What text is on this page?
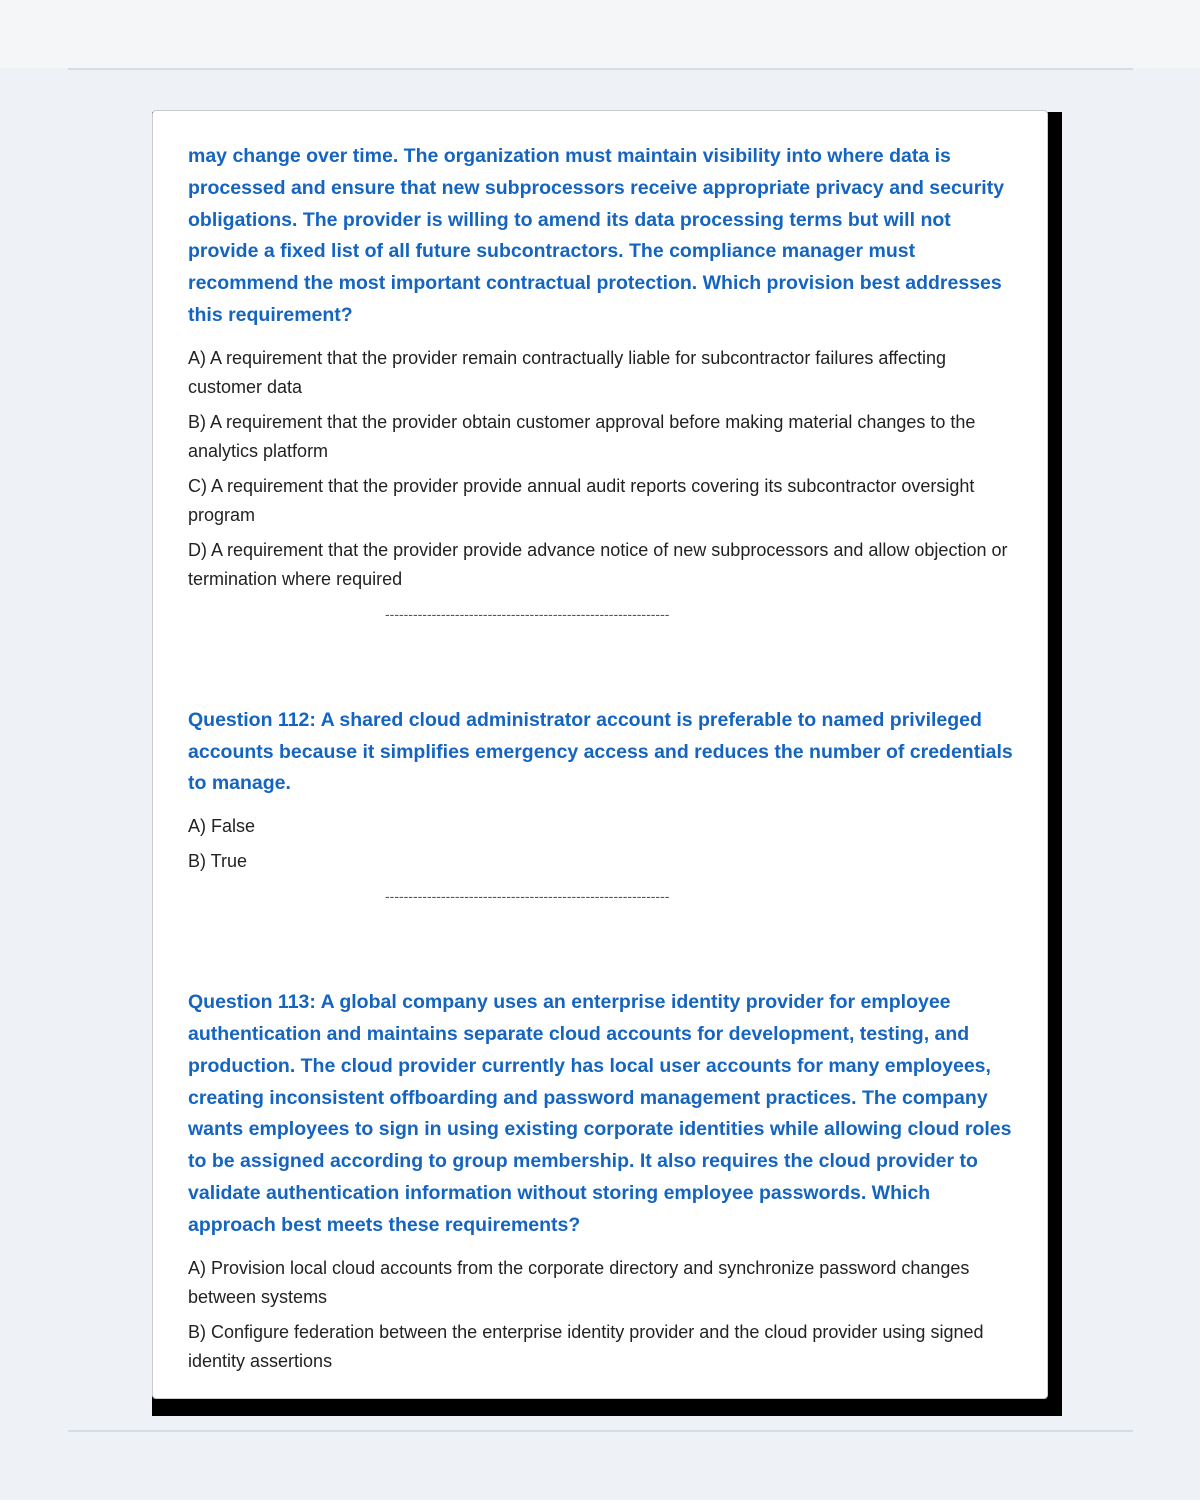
may change over time. The organization must maintain visibility into where data is processed and ensure that new subprocessors receive appropriate privacy and security obligations. The provider is willing to amend its data processing terms but will not provide a fixed list of all future subcontractors. The compliance manager must recommend the most important contractual protection. Which provision best addresses this requirement?

A) A requirement that the provider remain contractually liable for subcontractor failures affecting customer data

B) A requirement that the provider obtain customer approval before making material changes to the analytics platform

C) A requirement that the provider provide annual audit reports covering its subcontractor oversight program

D) A requirement that the provider provide advance notice of new subprocessors and allow objection or termination where required

-------------------------------------------------------------

Question 112: A shared cloud administrator account is preferable to named privileged accounts because it simplifies emergency access and reduces the number of credentials to manage.

A) False

B) True

-------------------------------------------------------------

Question 113: A global company uses an enterprise identity provider for employee authentication and maintains separate cloud accounts for development, testing, and production. The cloud provider currently has local user accounts for many employees, creating inconsistent offboarding and password management practices. The company wants employees to sign in using existing corporate identities while allowing cloud roles to be assigned according to group membership. It also requires the cloud provider to validate authentication information without storing employee passwords. Which approach best meets these requirements?

A) Provision local cloud accounts from the corporate directory and synchronize password changes between systems

B) Configure federation between the enterprise identity provider and the cloud provider using signed identity assertions
